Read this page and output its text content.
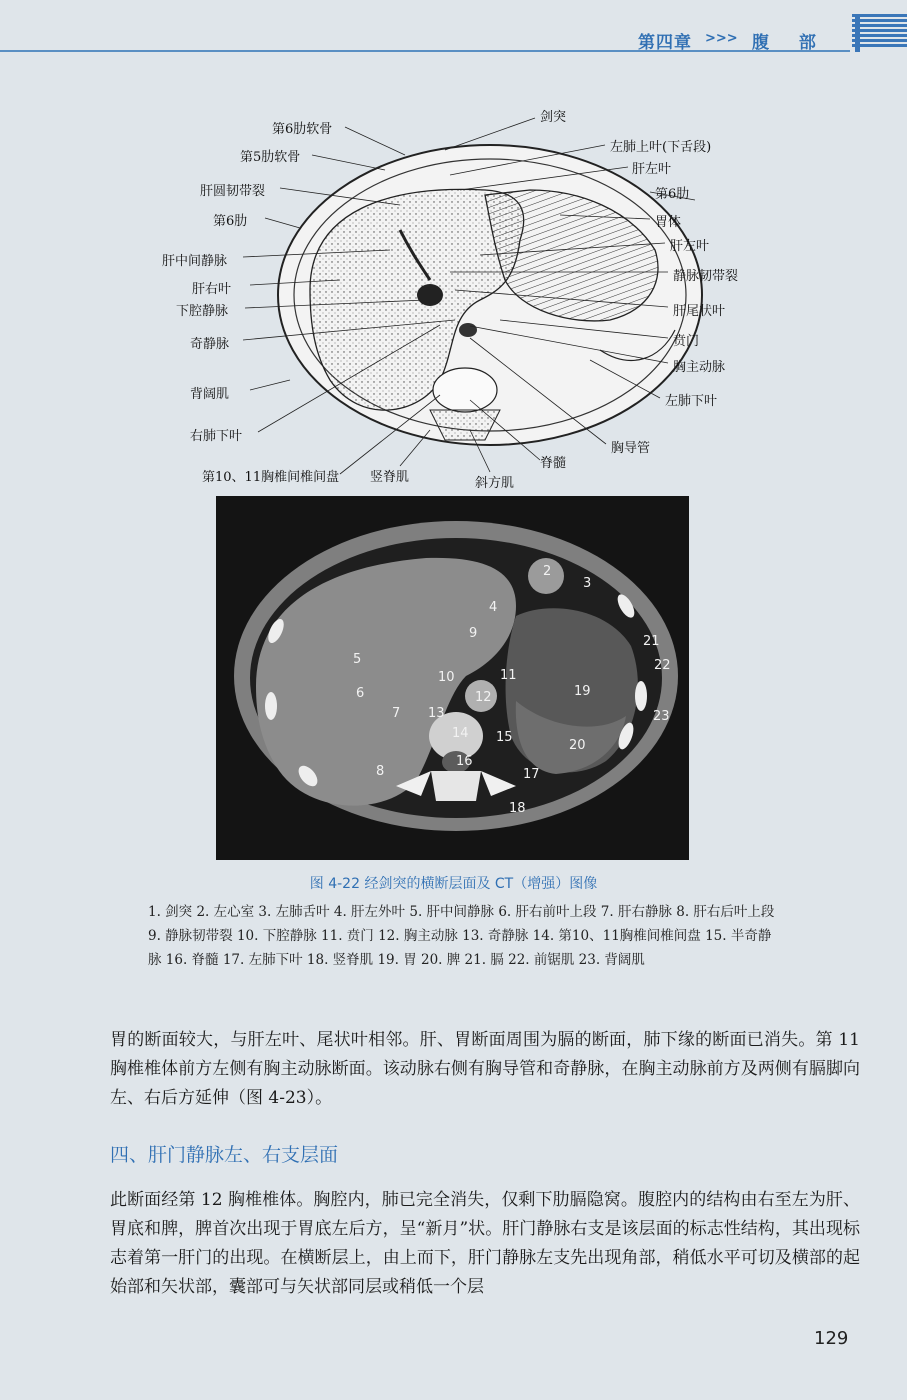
第四章 >>> 腹 部
第6肋软骨
第5肋软骨
肝圆韧带裂
第6肋
肝中间静脉
肝右叶
下腔静脉
奇静脉
背阔肌
右肺下叶
剑突
左肺上叶(下舌段)
肝左叶
第6肋
胃体
肝左叶
静脉韧带裂
肝尾状叶
贲门
胸主动脉
左肺下叶
胸导管
第10、11胸椎间椎间盘 竖脊肌	斜方肌
脊髓
2
3
4
9
21
5	22
10	11
12	19
6
7 13	23
14 15
20
16
17
8
18
图 4-22 经剑突的横断层面及 CT（增强）图像
1. 剑突 2. 左心室 3. 左肺舌叶 4. 肝左外叶 5. 肝中间静脉 6. 肝右前叶上段 7. 肝右静脉 8. 肝右后叶上段 9. 静脉韧带裂 10. 下腔静脉 11. 贲门 12. 胸主动脉 13. 奇静脉 14. 第10、11胸椎间椎间盘 15. 半奇静脉 16. 脊髓 17. 左肺下叶 18. 竖脊肌 19. 胃 20. 脾 21. 膈 22. 前锯肌 23. 背阔肌
胃的断面较大，与肝左叶、尾状叶相邻。肝、胃断面周围为膈的断面，肺下缘的断面已消失。第 11 胸椎椎体前方左侧有胸主动脉断面。该动脉右侧有胸导管和奇静脉，在胸主动脉前方及两侧有膈脚向左、右后方延伸（图 4-23）。
四、肝门静脉左、右支层面
此断面经第 12 胸椎椎体。胸腔内，肺已完全消失，仅剩下肋膈隐窝。腹腔内的结构由右至左为肝、胃底和脾，脾首次出现于胃底左后方，呈“新月”状。肝门静脉右支是该层面的标志性结构，其出现标志着第一肝门的出现。在横断层上，由上而下，肝门静脉左支先出现角部，稍低水平可切及横部的起始部和矢状部，囊部可与矢状部同层或稍低一个层
129
